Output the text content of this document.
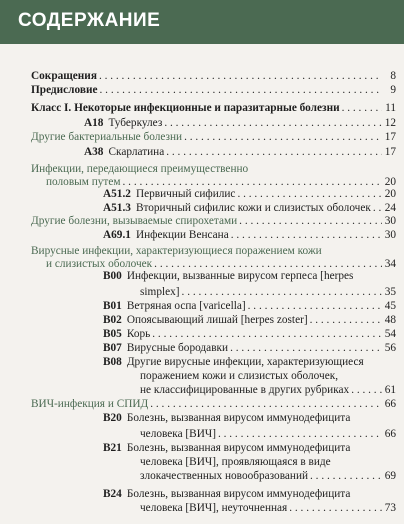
СОДЕРЖАНИЕ
Сокращения . . .	8
Предисловие . . .	9
Класс I. Некоторые инфекционные и паразитарные болезни . . .	11
A18 Туберкулез . . .	12
Другие бактериальные болезни . . .	17
A38 Скарлатина . . .	17
Инфекции, передающиеся преимущественно
половым путем . . .	20
A51.2 Первичный сифилис . . .	20
A51.3 Вторичный сифилис кожи и слизистых оболочек . . . 24
Другие болезни, вызываемые спирохетами . . .	30
A69.1 Инфекции Венсана . . .	30
Вирусные инфекции, характеризующиеся поражением кожи
и слизистых оболочек . . .	34
B00 Инфекции, вызванные вирусом герпеса [herpes
simplex] . . .	35
B01 Ветряная оспа [varicella] . . .	45
B02 Опоясывающий лишай [herpes zoster] . . .	48
B05 Корь . . .	54
B07 Вирусные бородавки . . .	56
B08 Другие вирусные инфекции, характеризующиеся
поражением кожи и слизистых оболочек,
не классифицированные в других рубриках . . .	61
ВИЧ-инфекция и СПИД . . .	66
B20 Болезнь, вызванная вирусом иммунодефицита
человека [ВИЧ] . . .	66
B21 Болезнь, вызванная вирусом иммунодефицита
человека [ВИЧ], проявляющаяся в виде
злокачественных новообразований . . .	69
B24 Болезнь, вызванная вирусом иммунодефицита
человека [ВИЧ], неуточненная . . .	73
